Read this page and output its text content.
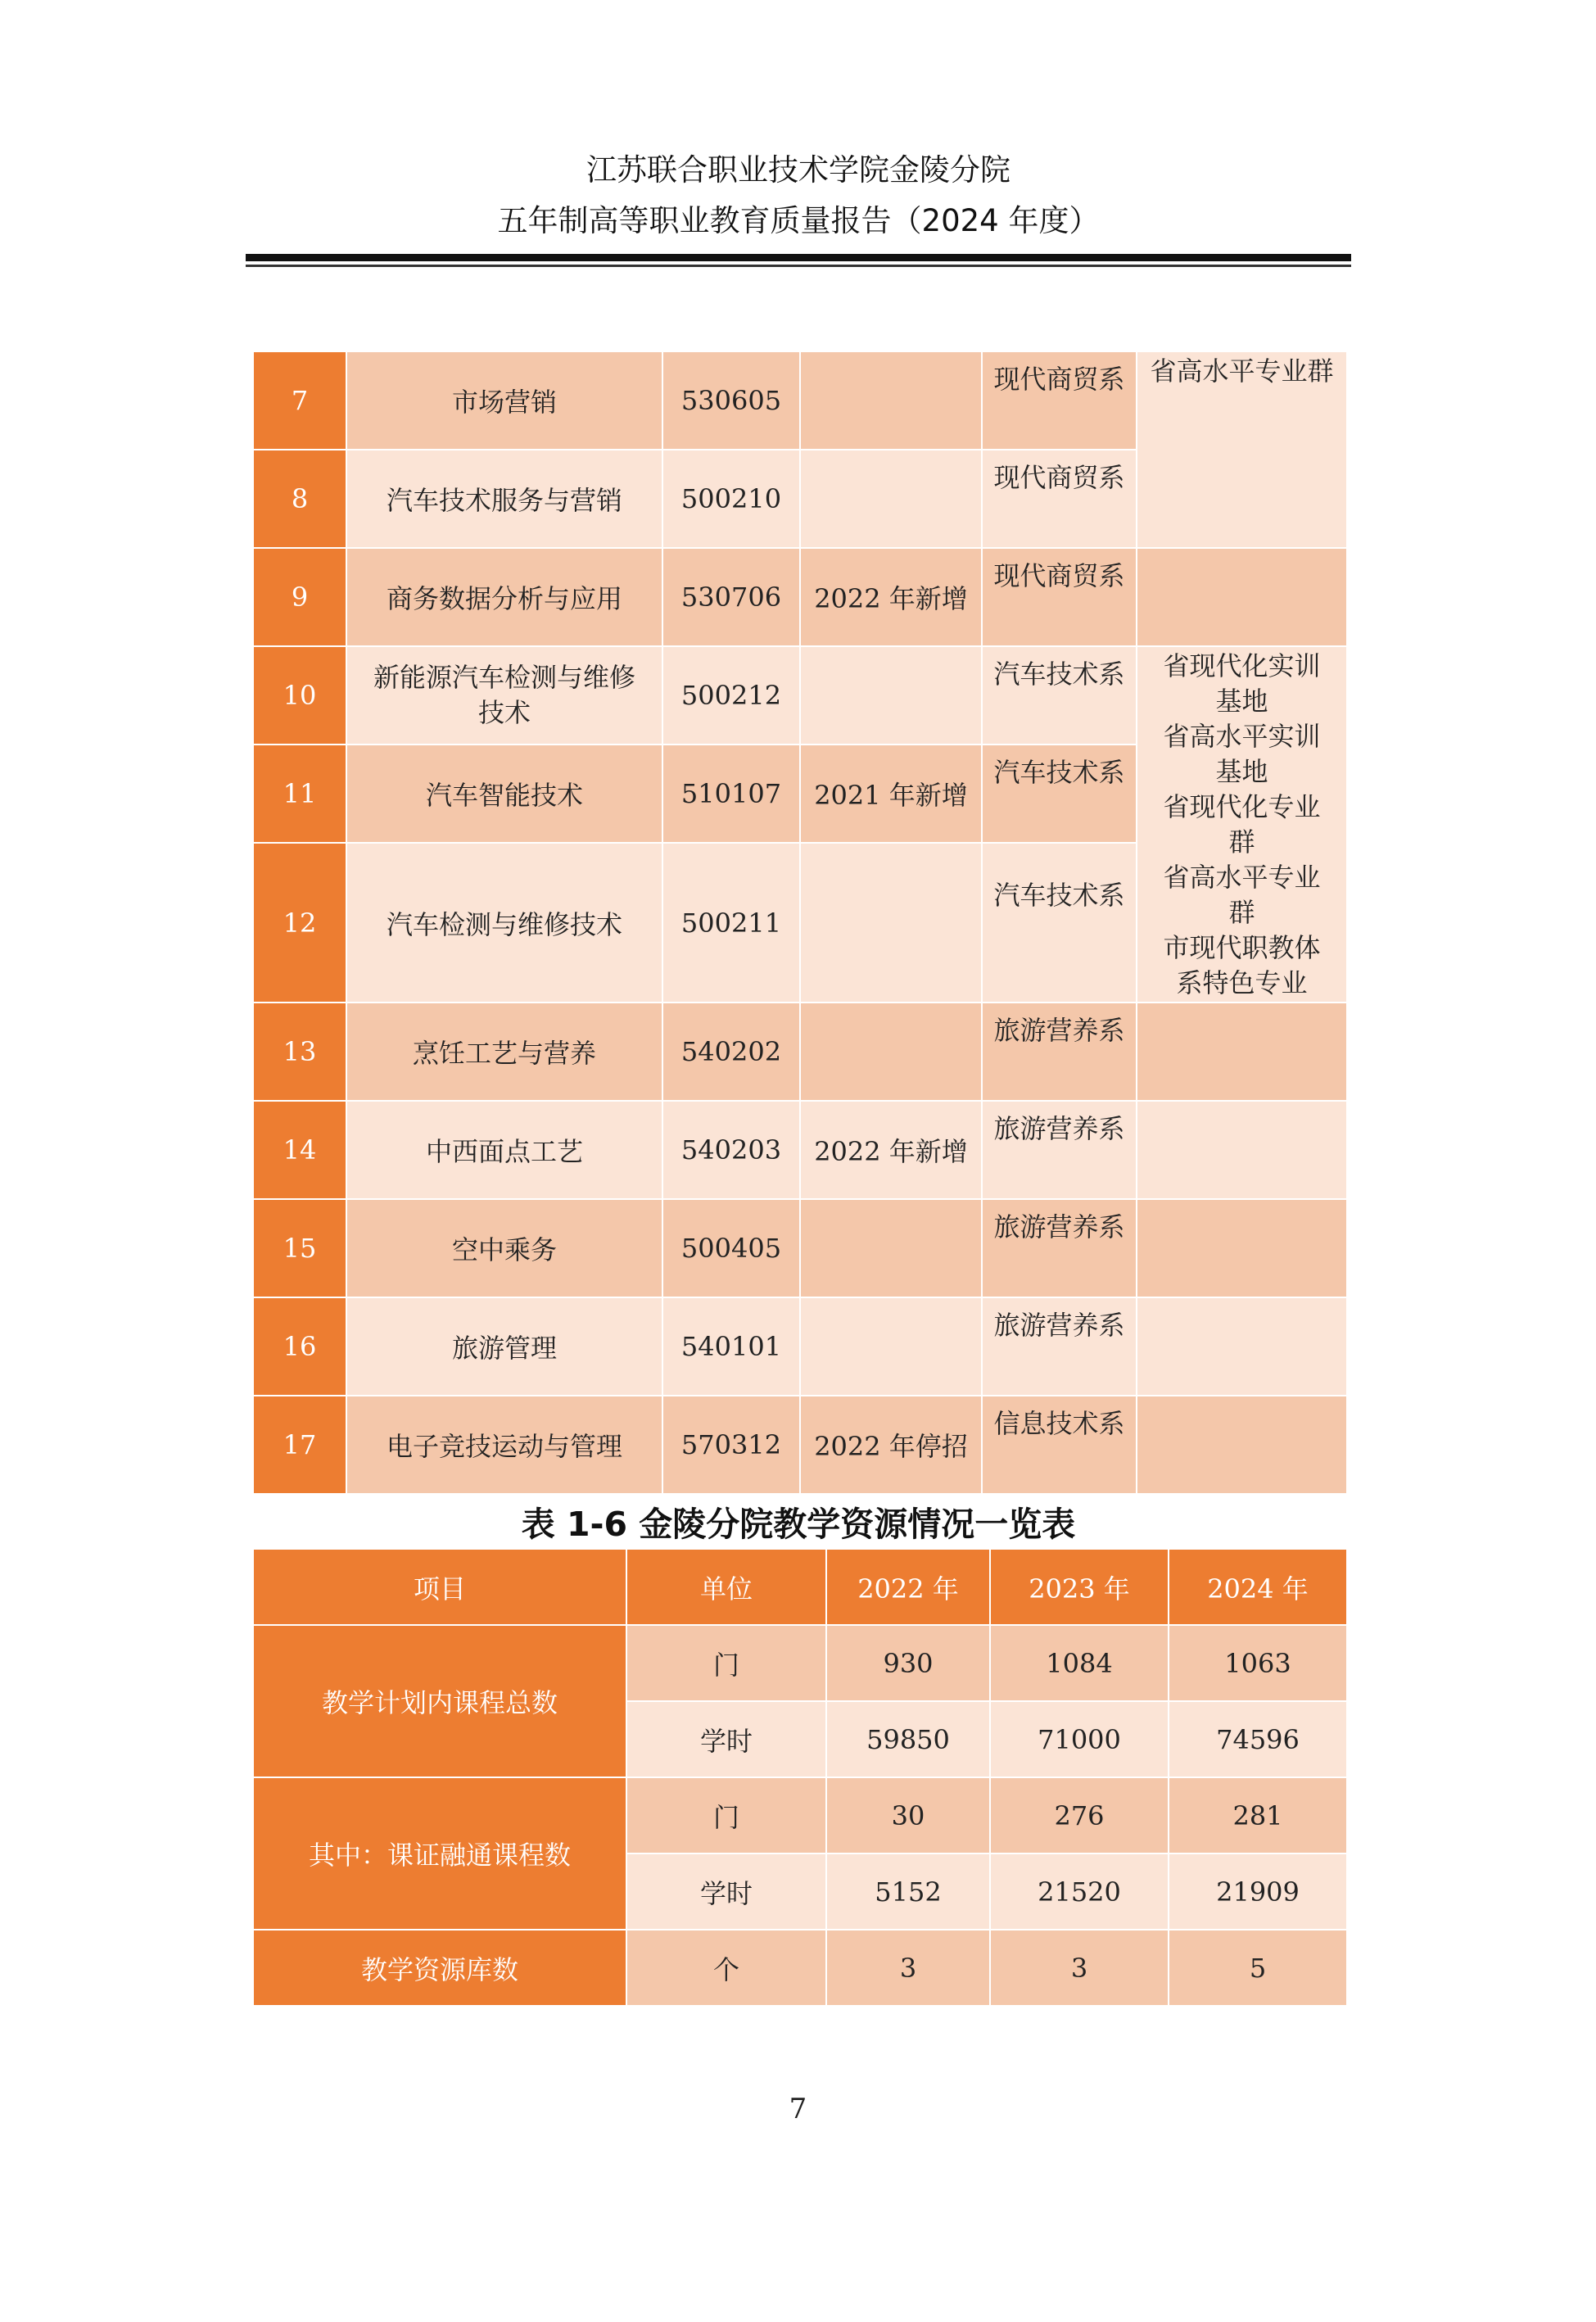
江苏联合职业技术学院金陵分院
五年制高等职业教育质量报告（2024 年度）
7	市场营销	530605		现代商贸系	省高水平专业群
8	汽车技术服务与营销	500210		现代商贸系	
9	商务数据分析与应用	530706	2022 年新增	现代商贸系	
10	新能源汽车检测与维修技术	500212		汽车技术系	省现代化实训基地
省高水平实训基地
省现代化专业群
省高水平专业群
市现代职教体系特色专业

11	汽车智能技术	510107	2021 年新增	汽车技术系	
12	汽车检测与维修技术	500211		汽车技术系	
13	烹饪工艺与营养	540202		旅游营养系	
14	中西面点工艺	540203	2022 年新增	旅游营养系	
15	空中乘务	500405		旅游营养系	
16	旅游管理	540101		旅游营养系	
17	电子竞技运动与管理	570312	2022 年停招	信息技术系	
表 1-6 金陵分院教学资源情况一览表
项目	单位	2022 年	2023 年	2024 年
教学计划内课程总数	门	930	1084	1063
	学时	59850	71000	74596
其中：课证融通课程数	门	30	276	281
	学时	5152	21520	21909
教学资源库数	个	3	3	5
7
